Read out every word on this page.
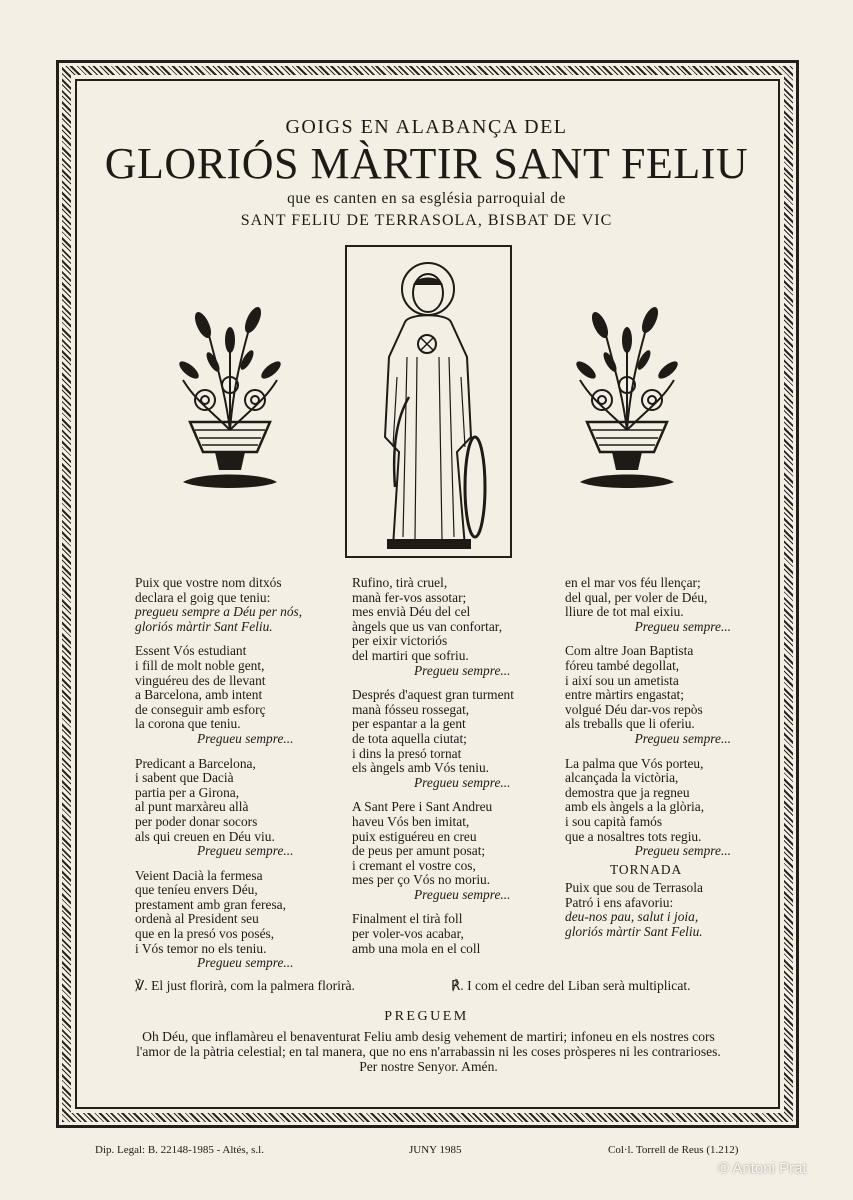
GOIGS EN ALABANÇA DEL
GLORIÓS MÀRTIR SANT FELIU
que es canten en sa església parroquial de
SANT FELIU DE TERRASOLA, BISBAT DE VIC
Puix que vostre nom ditxós
declara el goig que teniu:
pregueu sempre a Déu per nós,
gloriós màrtir Sant Feliu.
Essent Vós estudiant
i fill de molt noble gent,
vinguéreu des de llevant
a Barcelona, amb intent
de conseguir amb esforç
la corona que teniu.
Pregueu sempre...
Predicant a Barcelona,
i sabent que Dacià
partia per a Girona,
al punt marxàreu allà
per poder donar socors
als qui creuen en Déu viu.
Pregueu sempre...
Veient Dacià la fermesa
que teníeu envers Déu,
prestament amb gran feresa,
ordenà al President seu
que en la presó vos posés,
i Vós temor no els teniu.
Pregueu sempre...
Rufino, tirà cruel,
manà fer-vos assotar;
mes envià Déu del cel
àngels que us van confortar,
per eixir victoriós
del martiri que sofriu.
Pregueu sempre...
Després d'aquest gran turment
manà fósseu rossegat,
per espantar a la gent
de tota aquella ciutat;
i dins la presó tornat
els àngels amb Vós teniu.
Pregueu sempre...
A Sant Pere i Sant Andreu
haveu Vós ben imitat,
puix estiguéreu en creu
de peus per amunt posat;
i cremant el vostre cos,
mes per ço Vós no moriu.
Pregueu sempre...
Finalment el tirà foll
per voler-vos acabar,
amb una mola en el coll
en el mar vos féu llençar;
del qual, per voler de Déu,
lliure de tot mal eixiu.
Pregueu sempre...
Com altre Joan Baptista
fóreu també degollat,
i així sou un ametista
entre màrtirs engastat;
volgué Déu dar-vos repòs
als treballs que li oferiu.
Pregueu sempre...
La palma que Vós porteu,
alcançada la victòria,
demostra que ja regneu
amb els àngels a la glòria,
i sou capità famós
que a nosaltres tots regiu.
Pregueu sempre...
TORNADA
Puix que sou de Terrasola
Patró i ens afavoriu:
deu-nos pau, salut i joia,
gloriós màrtir Sant Feliu.
℣. El just florirà, com la palmera florirà.	℟. I com el cedre del Liban serà multiplicat.
PREGUEM
Oh Déu, que inflamàreu el benaventurat Feliu amb desig vehement de martiri; infoneu en els nostres cors l'amor de la pàtria celestial; en tal manera, que no ens n'arrabassin ni les coses pròsperes ni les contrarioses. Per nostre Senyor. Amén.
Dip. Legal: B. 22148-1985 - Altés, s.l.	JUNY 1985	Col·l. Torrell de Reus (1.212)
© Antoni Prat
